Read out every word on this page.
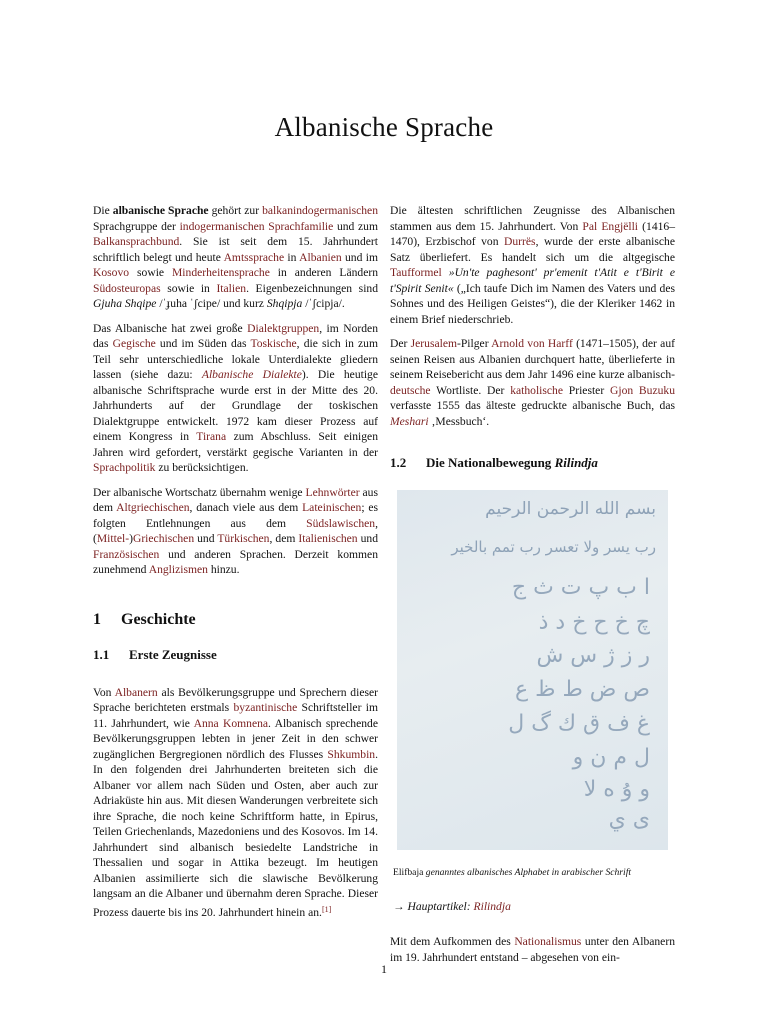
Albanische Sprache

Die albanische Sprache gehört zur balkanindogermanischen Sprachgruppe der indogermanischen Sprachfamilie und zum Balkansprachbund. Sie ist seit dem 15. Jahrhundert schriftlich belegt und heute Amtssprache in Albanien und im Kosovo sowie Minderheitensprache in anderen Ländern Südosteuropas sowie in Italien. Eigenbezeichnungen sind Gjuha Shqipe /ˈɟuha ˈʃcipe/ und kurz Shqipja /ˈʃcipja/.

Das Albanische hat zwei große Dialektgruppen, im Norden das Gegische und im Süden das Toskische, die sich in zum Teil sehr unterschiedliche lokale Unterdialekte gliedern lassen (siehe dazu: Albanische Dialekte). Die heutige albanische Schriftsprache wurde erst in der Mitte des 20. Jahrhunderts auf der Grundlage der toskischen Dialektgruppe entwickelt. 1972 kam dieser Prozess auf einem Kongress in Tirana zum Abschluss. Seit einigen Jahren wird gefordert, verstärkt gegische Varianten in der Sprachpolitik zu berücksichtigen.

Der albanische Wortschatz übernahm wenige Lehnwörter aus dem Altgriechischen, danach viele aus dem Lateinischen; es folgten Entlehnungen aus dem Südslawischen, (Mittel-)Griechischen und Türkischen, dem Italienischen und Französischen und anderen Sprachen. Derzeit kommen zunehmend Anglizismen hinzu.

1 Geschichte
1.1 Erste Zeugnisse

Von Albanern als Bevölkerungsgruppe und Sprechern dieser Sprache berichteten erstmals byzantinische Schriftsteller im 11. Jahrhundert, wie Anna Komnena. Albanisch sprechende Bevölkerungsgruppen lebten in jener Zeit in den schwer zugänglichen Bergregionen nördlich des Flusses Shkumbin. In den folgenden drei Jahrhunderten breiteten sich die Albaner vor allem nach Süden und Osten, aber auch zur Adriaküste hin aus. Mit diesen Wanderungen verbreitete sich ihre Sprache, die noch keine Schriftform hatte, in Epirus, Teilen Griechenlands, Mazedoniens und des Kosovos. Im 14. Jahrhundert sind albanisch besiedelte Landstriche in Thessalien und sogar in Attika bezeugt. Im heutigen Albanien assimilierte sich die slawische Bevölkerung langsam an die Albaner und übernahm deren Sprache. Dieser Prozess dauerte bis ins 20. Jahrhundert hinein an.[1]

Die ältesten schriftlichen Zeugnisse des Albanischen stammen aus dem 15. Jahrhundert. Von Pal Engjëlli (1416–1470), Erzbischof von Durrës, wurde der erste albanische Satz überliefert. Es handelt sich um die altgegische Taufformel »Un'te paghesont' pr'emenit t'Atit e t'Birit e t'Spirit Senit« („Ich taufe Dich im Namen des Vaters und des Sohnes und des Heiligen Geistes“), die der Kleriker 1462 in einem Brief niederschrieb.

Der Jerusalem-Pilger Arnold von Harff (1471–1505), der auf seinen Reisen aus Albanien durchquert hatte, überlieferte in seinem Reisebericht aus dem Jahr 1496 eine kurze albanisch-deutsche Wortliste. Der katholische Priester Gjon Buzuku verfasste 1555 das älteste gedruckte albanische Buch, das Meshari ‚Messbuch‘.

1.2 Die Nationalbewegung Rilindja
بسم الله الرحمن الرحيم
رب يسر ولا تعسر رب تمم بالخير
ا ب پ ت ث ج
چ خ ح خ د ذ
ر ز ژ س ش
ص ض ط ظ ع
غ ف ق ك گ ل
ل م ن و
و ۇ ه لا
ى ي
Elifbaja genanntes albanisches Alphabet in arabischer Schrift
→ Hauptartikel: Rilindja

Mit dem Aufkommen des Nationalismus unter den Albanern im 19. Jahrhundert entstand – abgesehen von ein-

1
